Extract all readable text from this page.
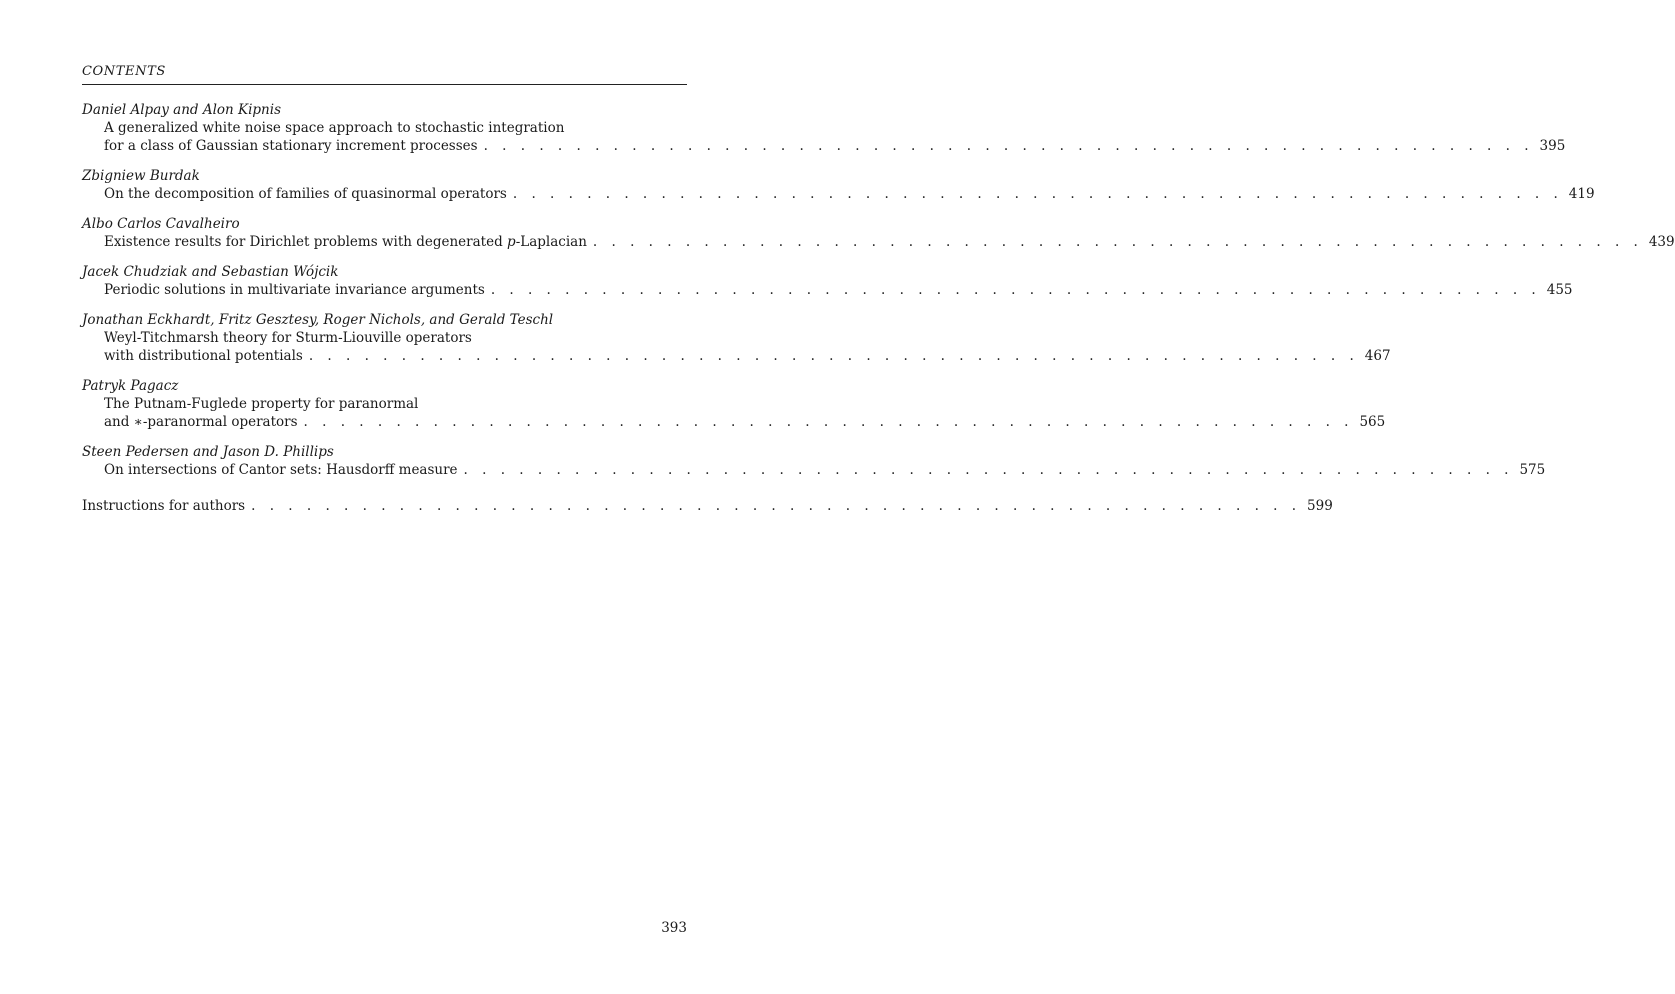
CONTENTS
Daniel Alpay and Alon Kipnis
A generalized white noise space approach to stochastic integration
for a class of Gaussian stationary increment processes . . . . . . . . . . . . . . . . . . . . . . . . . . . . . . . . . . . . . . . . . . . . . . . . . . . . . . . . . 395
Zbigniew Burdak
On the decomposition of families of quasinormal operators . . . . . . . . . . . . . . . . . . . . . . . . . . . . . . . . . . . . . . . . . . . . . . . . . . . . . . . . . 419
Albo Carlos Cavalheiro
Existence results for Dirichlet problems with degenerated p-Laplacian . . . . . . . . . . . . . . . . . . . . . . . . . . . . . . . . . . . . . . . . . . . . . . . . . . . . . . . . . 439
Jacek Chudziak and Sebastian Wójcik
Periodic solutions in multivariate invariance arguments . . . . . . . . . . . . . . . . . . . . . . . . . . . . . . . . . . . . . . . . . . . . . . . . . . . . . . . . . 455
Jonathan Eckhardt, Fritz Gesztesy, Roger Nichols, and Gerald Teschl
Weyl-Titchmarsh theory for Sturm-Liouville operators
with distributional potentials . . . . . . . . . . . . . . . . . . . . . . . . . . . . . . . . . . . . . . . . . . . . . . . . . . . . . . . . . 467
Patryk Pagacz
The Putnam-Fuglede property for paranormal
and ∗-paranormal operators . . . . . . . . . . . . . . . . . . . . . . . . . . . . . . . . . . . . . . . . . . . . . . . . . . . . . . . . . 565
Steen Pedersen and Jason D. Phillips
On intersections of Cantor sets: Hausdorff measure . . . . . . . . . . . . . . . . . . . . . . . . . . . . . . . . . . . . . . . . . . . . . . . . . . . . . . . . . 575
Instructions for authors . . . . . . . . . . . . . . . . . . . . . . . . . . . . . . . . . . . . . . . . . . . . . . . . . . . . . . . . . 599
393
